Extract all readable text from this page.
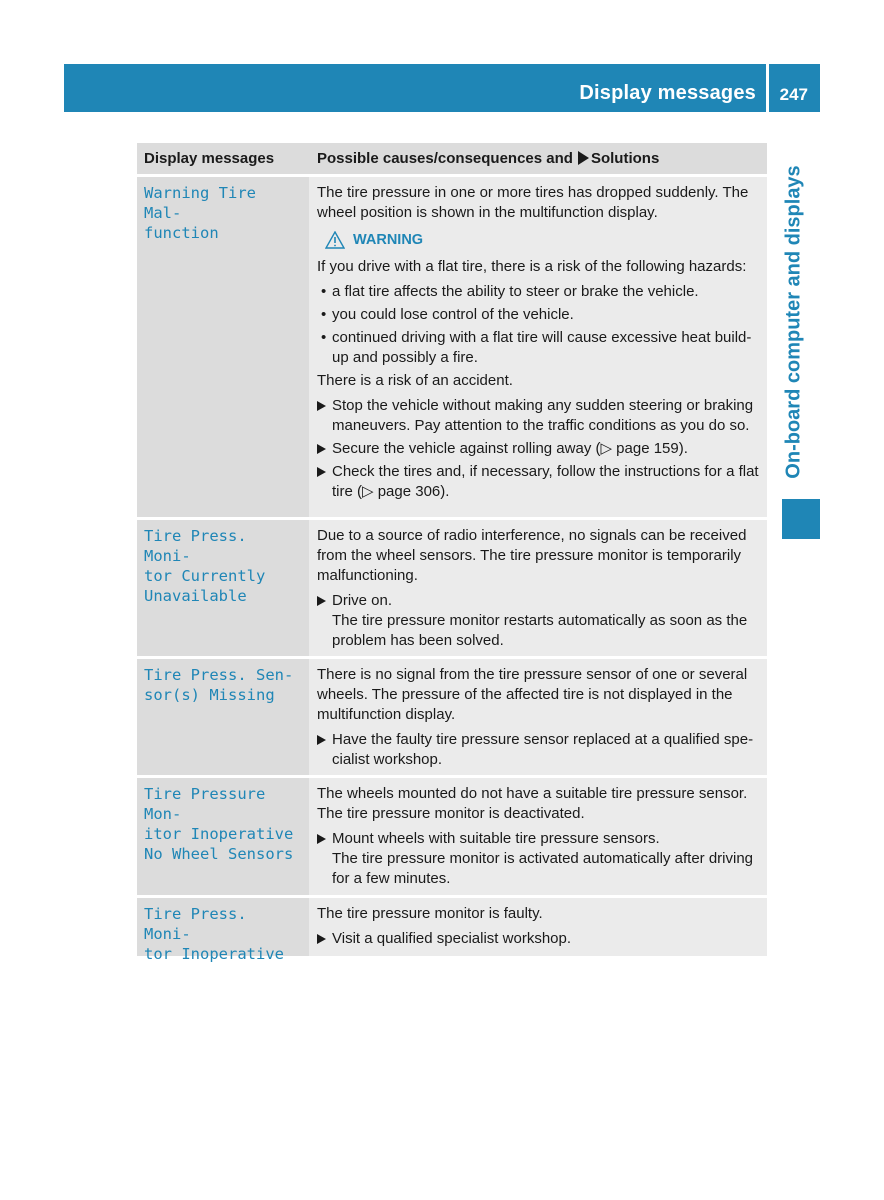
Display messages 247
On-board computer and displays
Display messages	Possible causes/consequences and Solutions
Warning Tire Mal-
function
The tire pressure in one or more tires has dropped suddenly. The wheel position is shown in the multifunction display.
WARNING
If you drive with a flat tire, there is a risk of the following hazards:
• a flat tire affects the ability to steer or brake the vehicle.
• you could lose control of the vehicle.
• continued driving with a flat tire will cause excessive heat build-up and possibly a fire.
There is a risk of an accident.
Stop the vehicle without making any sudden steering or braking maneuvers. Pay attention to the traffic conditions as you do so.
Secure the vehicle against rolling away (▷ page 159).
Check the tires and, if necessary, follow the instructions for a flat tire (▷ page 306).
Tire Press. Moni-
tor Currently
Unavailable
Due to a source of radio interference, no signals can be received from the wheel sensors. The tire pressure monitor is temporarily malfunctioning.
Drive on.
The tire pressure monitor restarts automatically as soon as the problem has been solved.
Tire Press. Sen-
sor(s) Missing
There is no signal from the tire pressure sensor of one or several wheels. The pressure of the affected tire is not displayed in the multifunction display.
Have the faulty tire pressure sensor replaced at a qualified spe-cialist workshop.
Tire Pressure Mon-
itor Inoperative
No Wheel Sensors
The wheels mounted do not have a suitable tire pressure sensor. The tire pressure monitor is deactivated.
Mount wheels with suitable tire pressure sensors.
The tire pressure monitor is activated automatically after driving for a few minutes.
Tire Press. Moni-
tor Inoperative
The tire pressure monitor is faulty.
Visit a qualified specialist workshop.
